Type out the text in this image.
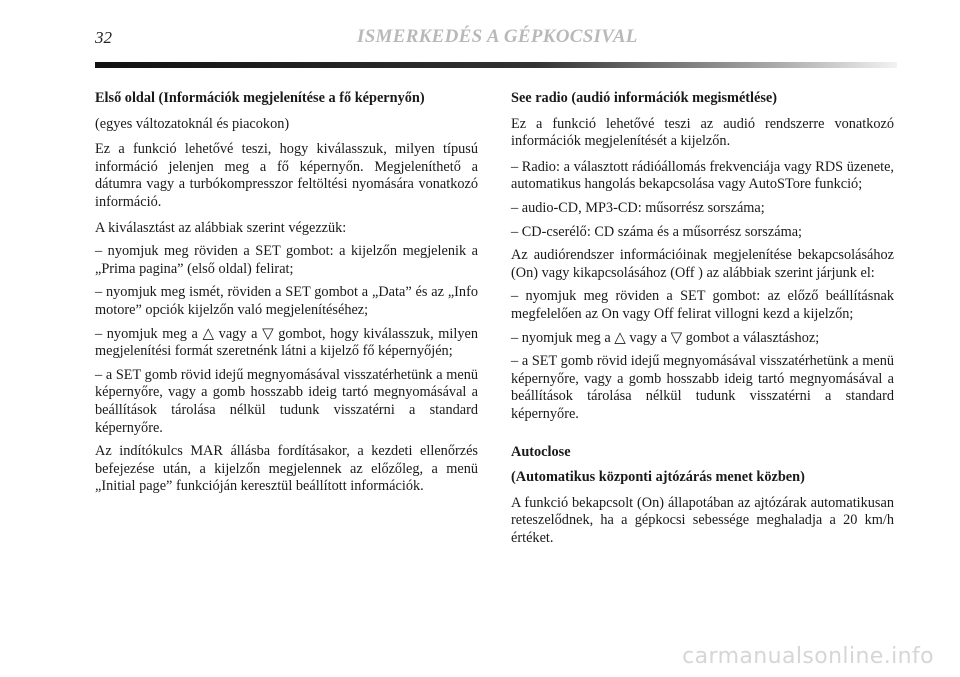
32	ISMERKEDÉS A GÉPKOCSIVAL

Első oldal (Információk megjelenítése a fő képernyőn)

(egyes változatoknál és piacokon)

Ez a funkció lehetővé teszi, hogy kiválasszuk, milyen típusú információ jelenjen meg a fő képernyőn. Megjeleníthető a dátumra vagy a turbókompresszor feltöltési nyomására vonatkozó információ.

A kiválasztást az alábbiak szerint végezzük:

– nyomjuk meg röviden a SET gombot: a kijelzőn megjelenik a „Prima pagina” (első oldal) felirat;

– nyomjuk meg ismét, röviden a SET gombot a „Data” és az „Info motore” opciók kijelzőn való megjelenítéséhez;

– nyomjuk meg a △ vagy a ▽ gombot, hogy kiválasszuk, milyen megjelenítési formát szeretnénk látni a kijelző fő képernyőjén;

– a SET gomb rövid idejű megnyomásával visszatérhetünk a menü képernyőre, vagy a gomb hosszabb ideig tartó megnyomásával a beállítások tárolása nélkül tudunk visszatérni a standard képernyőre.

Az indítókulcs MAR állásba fordításakor, a kezdeti ellenőrzés befejezése után, a kijelzőn megjelennek az előzőleg, a menü „Initial page” funkcióján keresztül beállított információk.

See radio (audió információk megismétlése)

Ez a funkció lehetővé teszi az audió rendszerre vonatkozó információk megjelenítését a kijelzőn.

– Radio: a választott rádióállomás frekvenciája vagy RDS üzenete, automatikus hangolás bekapcsolása vagy AutoSTore funkció;

– audio-CD, MP3-CD: műsorrész sorszáma;

– CD-cserélő: CD száma és a műsorrész sorszáma;

Az audiórendszer információinak megjelenítése bekapcsolásához (On) vagy kikapcsolásához (Off ) az alábbiak szerint járjunk el:

– nyomjuk meg röviden a SET gombot: az előző beállításnak megfelelően az On vagy Off felirat villogni kezd a kijelzőn;

– nyomjuk meg a △ vagy a ▽ gombot a választáshoz;

– a SET gomb rövid idejű megnyomásával visszatérhetünk a menü képernyőre, vagy a gomb hosszabb ideig tartó megnyomásával a beállítások tárolása nélkül tudunk visszatérni a standard képernyőre.

Autoclose

(Automatikus központi ajtózárás menet közben)

A funkció bekapcsolt (On) állapotában az ajtózárak automatikusan reteszelődnek, ha a gépkocsi sebessége meghaladja a 20 km/h értéket.

carmanualsonline.info
